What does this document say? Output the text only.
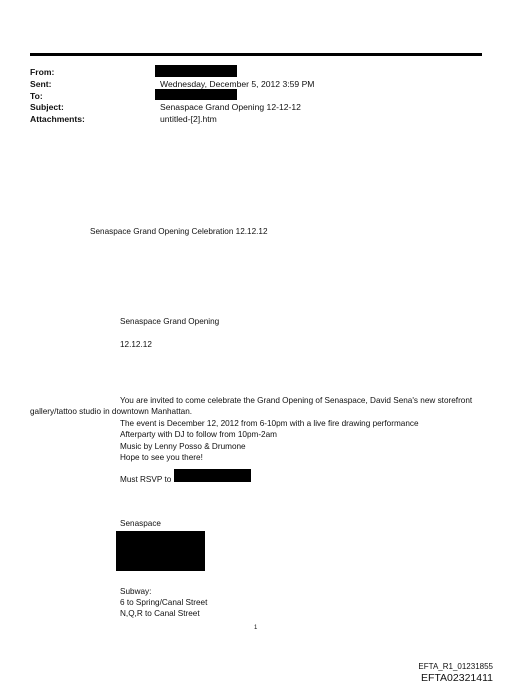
From:
Sent:
To:
Subject:
Attachments:
Wednesday, December 5, 2012 3:59 PM
Senaspace Grand Opening 12-12-12
untitled-[2].htm
Senaspace Grand Opening Celebration 12.12.12
Senaspace Grand Opening
12.12.12
You are invited to come celebrate the Grand Opening of Senaspace, David Sena's new storefront
gallery/tattoo studio in downtown Manhattan.
The event is December 12, 2012 from 6-10pm with a live fire drawing performance
Afterparty with DJ to follow from 10pm-2am
Music by Lenny Posso & Drumone
Hope to see you there!
Must RSVP to
Senaspace
Subway:
6 to Spring/Canal Street
N,Q,R to Canal Street
1
EFTA_R1_01231855
EFTA02321411
